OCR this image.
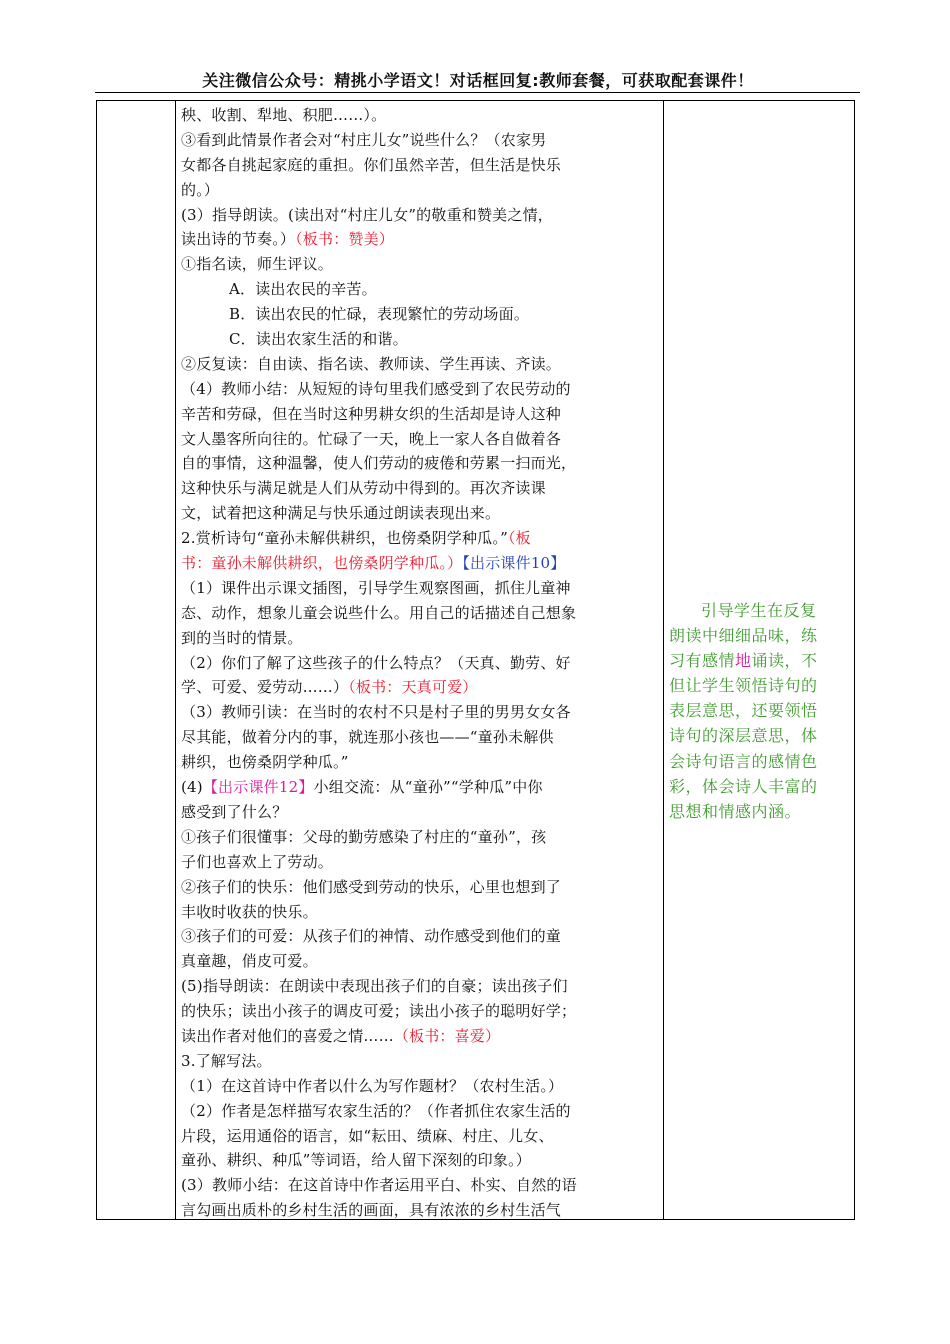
关注微信公众号：精挑小学语文！对话框回复:教师套餐，可获取配套课件！
秧、收割、犁地、积肥……）。
③看到此情景作者会对“村庄儿女”说些什么？（农家男
女都各自挑起家庭的重担。你们虽然辛苦，但生活是快乐
的。）
(3）指导朗读。(读出对“村庄儿女”的敬重和赞美之情，
读出诗的节奏。）（板书：赞美）
①指名读，师生评议。
A．读出农民的辛苦。
B．读出农民的忙碌，表现繁忙的劳动场面。
C．读出农家生活的和谐。
②反复读：自由读、指名读、教师读、学生再读、齐读。
（4）教师小结：从短短的诗句里我们感受到了农民劳动的
辛苦和劳碌，但在当时这种男耕女织的生活却是诗人这种
文人墨客所向往的。忙碌了一天，晚上一家人各自做着各
自的事情，这种温馨，使人们劳动的疲倦和劳累一扫而光，
这种快乐与满足就是人们从劳动中得到的。再次齐读课
文，试着把这种满足与快乐通过朗读表现出来。
2.赏析诗句“童孙未解供耕织，也傍桑阴学种瓜。”（板
书：童孙未解供耕织，也傍桑阴学种瓜。）【出示课件10】
（1）课件出示课文插图，引导学生观察图画，抓住儿童神
态、动作，想象儿童会说些什么。用自己的话描述自己想象
到的当时的情景。
（2）你们了解了这些孩子的什么特点？（天真、勤劳、好
学、可爱、爱劳动……）（板书：天真可爱）
（3）教师引读：在当时的农村不只是村子里的男男女女各
尽其能，做着分内的事，就连那小孩也——“童孙未解供
耕织，也傍桑阴学种瓜。”
(4)【出示课件12】小组交流：从“童孙”“学种瓜”中你
感受到了什么？
①孩子们很懂事：父母的勤劳感染了村庄的“童孙”，孩
子们也喜欢上了劳动。
②孩子们的快乐：他们感受到劳动的快乐，心里也想到了
丰收时收获的快乐。
③孩子们的可爱：从孩子们的神情、动作感受到他们的童
真童趣，俏皮可爱。
(5)指导朗读：在朗读中表现出孩子们的自豪；读出孩子们
的快乐；读出小孩子的调皮可爱；读出小孩子的聪明好学；
读出作者对他们的喜爱之情……（板书：喜爱）
3.了解写法。
（1）在这首诗中作者以什么为写作题材？（农村生活。）
（2）作者是怎样描写农家生活的？（作者抓住农家生活的
片段，运用通俗的语言，如“耘田、绩麻、村庄、儿女、
童孙、耕织、种瓜”等词语，给人留下深刻的印象。）
(3）教师小结：在这首诗中作者运用平白、朴实、自然的语
言勾画出质朴的乡村生活的画面，具有浓浓的乡村生活气
引导学生在反复
朗读中细细品味，练
习有感情地诵读，不
但让学生领悟诗句的
表层意思，还要领悟
诗句的深层意思，体
会诗句语言的感情色
彩，体会诗人丰富的
思想和情感内涵。
